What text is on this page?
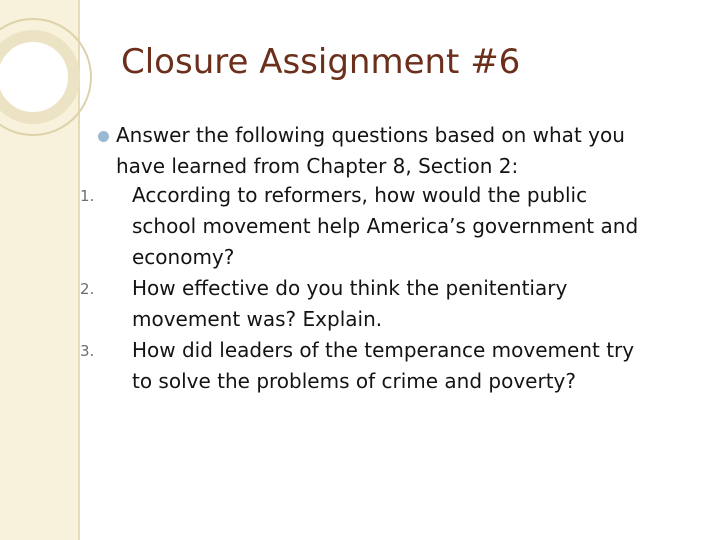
Closure Assignment #6
Answer the following questions based on what you
have learned from Chapter 8, Section 2:
1. According to reformers, how would the public
school movement help America’s government and
economy?
2. How effective do you think the penitentiary
movement was? Explain.
3. How did leaders of the temperance movement try
to solve the problems of crime and poverty?
